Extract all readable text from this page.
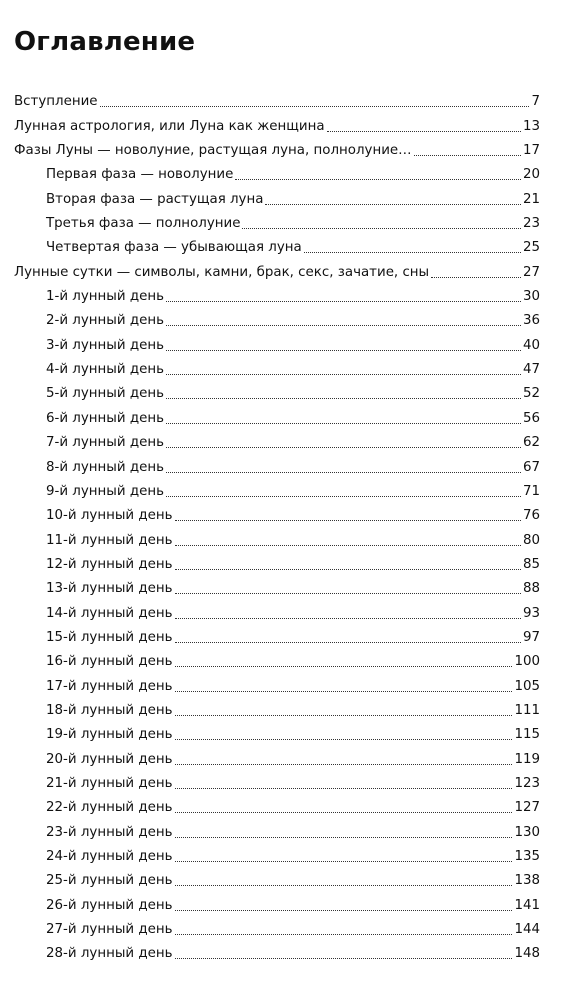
Оглавление
Вступление	7
Лунная астрология, или Луна как женщина	13
Фазы Луны — новолуние, растущая луна, полнолуние…	17
Первая фаза — новолуние	20
Вторая фаза — растущая луна	21
Третья фаза — полнолуние	23
Четвертая фаза — убывающая луна	25
Лунные сутки — символы, камни, брак, секс, зачатие, сны	27
1-й лунный день	30
2-й лунный день	36
3-й лунный день	40
4-й лунный день	47
5-й лунный день	52
6-й лунный день	56
7-й лунный день	62
8-й лунный день	67
9-й лунный день	71
10-й лунный день	76
11-й лунный день	80
12-й лунный день	85
13-й лунный день	88
14-й лунный день	93
15-й лунный день	97
16-й лунный день	100
17-й лунный день	105
18-й лунный день	111
19-й лунный день	115
20-й лунный день	119
21-й лунный день	123
22-й лунный день	127
23-й лунный день	130
24-й лунный день	135
25-й лунный день	138
26-й лунный день	141
27-й лунный день	144
28-й лунный день	148
